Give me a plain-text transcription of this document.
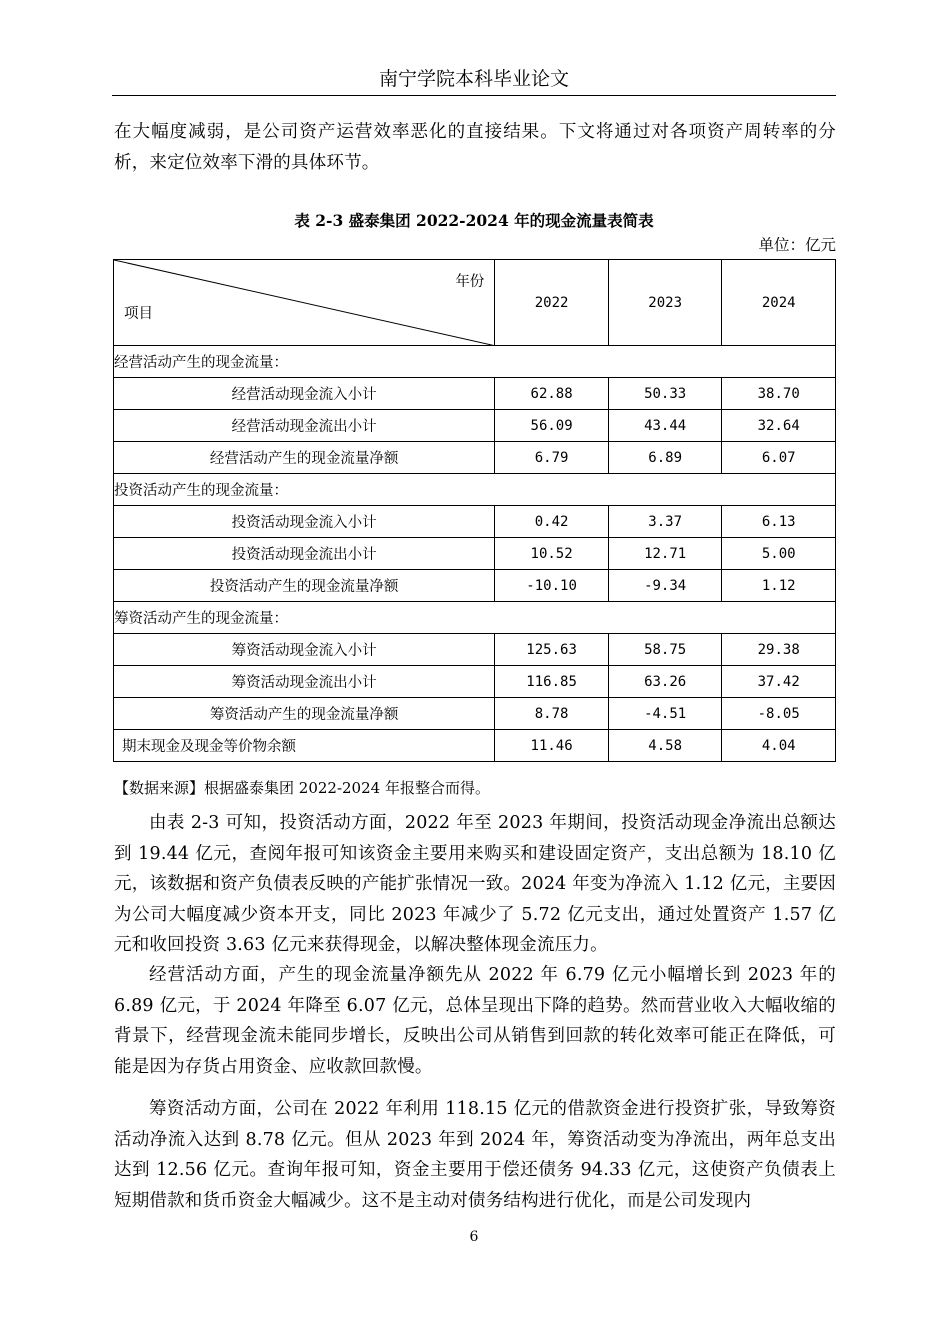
南宁学院本科毕业论文

在大幅度减弱，是公司资产运营效率恶化的直接结果。下文将通过对各项资产周转率的分析，来定位效率下滑的具体环节。

表 2-3 盛泰集团 2022-2024 年的现金流量表简表
单位：亿元
年份
项目	2022	2023	2024
经营活动产生的现金流量：			
经营活动现金流入小计	62.88	50.33	38.70
经营活动现金流出小计	56.09	43.44	32.64
经营活动产生的现金流量净额	6.79	6.89	6.07
投资活动产生的现金流量：			
投资活动现金流入小计	0.42	3.37	6.13
投资活动现金流出小计	10.52	12.71	5.00
投资活动产生的现金流量净额	-10.10	-9.34	1.12
筹资活动产生的现金流量：			
筹资活动现金流入小计	125.63	58.75	29.38
筹资活动现金流出小计	116.85	63.26	37.42
筹资活动产生的现金流量净额	8.78	-4.51	-8.05
期末现金及现金等价物余额	11.46	4.58	4.04
【数据来源】根据盛泰集团 2022-2024 年报整合而得。

由表 2-3 可知，投资活动方面，2022 年至 2023 年期间，投资活动现金净流出总额达到 19.44 亿元，查阅年报可知该资金主要用来购买和建设固定资产，支出总额为 18.10 亿元，该数据和资产负债表反映的产能扩张情况一致。2024 年变为净流入 1.12 亿元，主要因为公司大幅度减少资本开支，同比 2023 年减少了 5.72 亿元支出，通过处置资产 1.57 亿元和收回投资 3.63 亿元来获得现金，以解决整体现金流压力。

经营活动方面，产生的现金流量净额先从 2022 年 6.79 亿元小幅增长到 2023 年的 6.89 亿元，于 2024 年降至 6.07 亿元，总体呈现出下降的趋势。然而营业收入大幅收缩的背景下，经营现金流未能同步增长，反映出公司从销售到回款的转化效率可能正在降低，可能是因为存货占用资金、应收款回款慢。

筹资活动方面，公司在 2022 年利用 118.15 亿元的借款资金进行投资扩张，导致筹资活动净流入达到 8.78 亿元。但从 2023 年到 2024 年，筹资活动变为净流出，两年总支出达到 12.56 亿元。查询年报可知，资金主要用于偿还债务 94.33 亿元，这使资产负债表上短期借款和货币资金大幅减少。这不是主动对债务结构进行优化，而是公司发现内

6
